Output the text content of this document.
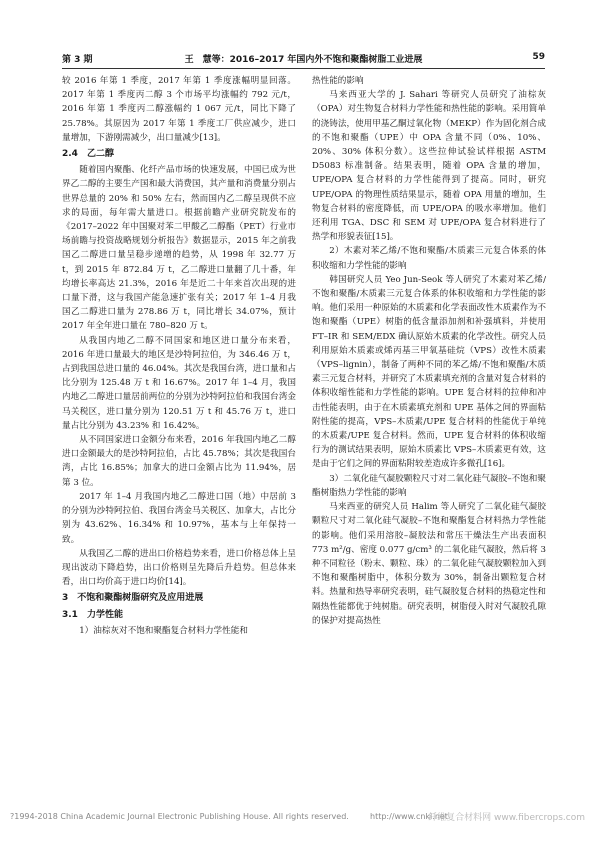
第 3 期	王　慧等：2016–2017 年国内外不饱和聚酯树脂工业进展	59

较 2016 年第 1 季度，2017 年第 1 季度涨幅明显回落。2017 年第 1 季度丙二醇 3 个市场平均涨幅约 792 元/t，2016 年第 1 季度丙二醇涨幅约 1 067 元/t，同比下降了 25.78%。其原因为 2017 年第 1 季度工厂供应减少，进口量增加，下游刚需减少，出口量减少[13]。

2.4　乙二醇

随着国内聚酯、化纤产品市场的快速发展，中国已成为世界乙二醇的主要生产国和最大消费国，其产量和消费量分别占世界总量的 20% 和 50% 左右，然而国内乙二醇呈现供不应求的局面，每年需大量进口。根据前瞻产业研究院发布的《2017–2022 年中国聚对苯二甲酸乙二醇酯（PET）行业市场前瞻与投资战略规划分析报告》数据显示，2015 年之前我国乙二醇进口量呈稳步递增的趋势，从 1998 年 32.77 万 t，到 2015 年 872.84 万 t，乙二醇进口量翻了几十番，年均增长率高达 21.3%，2016 年是近二十年来首次出现的进口量下滑，这与我国产能急速扩张有关；2017 年 1–4 月我国乙二醇进口量为 278.86 万 t，同比增长 34.07%，预计 2017 年全年进口量在 780–820 万 t。

从我国内地乙二醇不同国家和地区进口量分布来看，2016 年进口量最大的地区是沙特阿拉伯，为 346.46 万 t，占到我国总进口量的 46.04%。其次是我国台湾，进口量和占比分别为 125.48 万 t 和 16.67%。2017 年 1–4 月，我国内地乙二醇进口量居前两位的分别为沙特阿拉伯和我国台湾金马关税区，进口量分别为 120.51 万 t 和 45.76 万 t，进口量占比分别为 43.23% 和 16.42%。

从不同国家进口金额分布来看，2016 年我国内地乙二醇进口金额最大的是沙特阿拉伯，占比 45.78%；其次是我国台湾，占比 16.85%；加拿大的进口金额占比为 11.94%，居第 3 位。

2017 年 1–4 月我国内地乙二醇进口国（地）中居前 3 的分别为沙特阿拉伯、我国台湾金马关税区、加拿大，占比分别为 43.62%、16.34% 和 10.97%，基本与上年保持一致。

从我国乙二醇的进出口价格趋势来看，进口价格总体上呈现出波动下降趋势，出口价格则呈先降后升趋势。但总体来看，出口均价高于进口均价[14]。

3　不饱和聚酯树脂研究及应用进展
3.1　力学性能

1）油棕灰对不饱和聚酯复合材料力学性能和

热性能的影响

马来西亚大学的 J. Sahari 等研究人员研究了油棕灰（OPA）对生物复合材料力学性能和热性能的影响。采用简单的浇铸法，使用甲基乙酮过氧化物（MEKP）作为固化剂合成的不饱和聚酯（UPE）中 OPA 含量不同（0%、10%、20%、30% 体积分数）。这些拉伸试验试样根据 ASTM D5083 标准制备。结果表明，随着 OPA 含量的增加，UPE/OPA 复合材料的力学性能得到了提高。同时，研究 UPE/OPA 的物理性质结果显示，随着 OPA 用量的增加，生物复合材料的密度降低，而 UPE/OPA 的吸水率增加。他们还利用 TGA、DSC 和 SEM 对 UPE/OPA 复合材料进行了热学和形貌表征[15]。

2）木素对苯乙烯/不饱和聚酯/木质素三元复合体系的体积收缩和力学性能的影响

韩国研究人员 Yeo Jun-Seok 等人研究了木素对苯乙烯/不饱和聚酯/木质素三元复合体系的体积收缩和力学性能的影响。他们采用一种原始的木质素和化学表面改性木质素作为不饱和聚酯（UPE）树脂的低含量添加剂和补强填料，并使用 FT–IR 和 SEM/EDX 确认原始木质素的化学改性。研究人员利用原始木质素或烯丙基三甲氧基硅烷（VPS）改性木质素（VPS–lignin），制备了两种不同的苯乙烯/不饱和聚酯/木质素三元复合材料，并研究了木质素填充剂的含量对复合材料的体积收缩性能和力学性能的影响。UPE 复合材料的拉伸和冲击性能表明，由于在木质素填充剂和 UPE 基体之间的界面粘附性能的提高，VPS–木质素/UPE 复合材料的性能优于单纯的木质素/UPE 复合材料。然而，UPE 复合材料的体积收缩行为的测试结果表明，原始木质素比 VPS–木质素更有效，这是由于它们之间的界面粘附较差造成许多微孔[16]。

3）二氧化硅气凝胶颗粒尺寸对二氧化硅气凝胶–不饱和聚酯树脂热力学性能的影响

马来西亚的研究人员 Halim 等人研究了二氧化硅气凝胶颗粒尺寸对二氧化硅气凝胶–不饱和聚酯复合材料热力学性能的影响。他们采用溶胶–凝胶法和常压干燥法生产出表面积 773 m²/g、密度 0.077 g/cm³ 的二氧化硅气凝胶，然后将 3 种不同粒径（粉末、颗粒、珠）的二氧化硅气凝胶颗粒加入到不饱和聚酯树脂中，体积分数为 30%，制备出颗粒复合材料。热量和热导率研究表明，硅气凝胶复合材料的热稳定性和隔热性能都优于纯树脂。研究表明，树脂侵入时对气凝胶孔隙的保护对提高热性

?1994-2018 China Academic Journal Electronic Publishing House. All rights reserved.	http://www.cnki.net
纤维复合材料网 www.fibercrops.com
